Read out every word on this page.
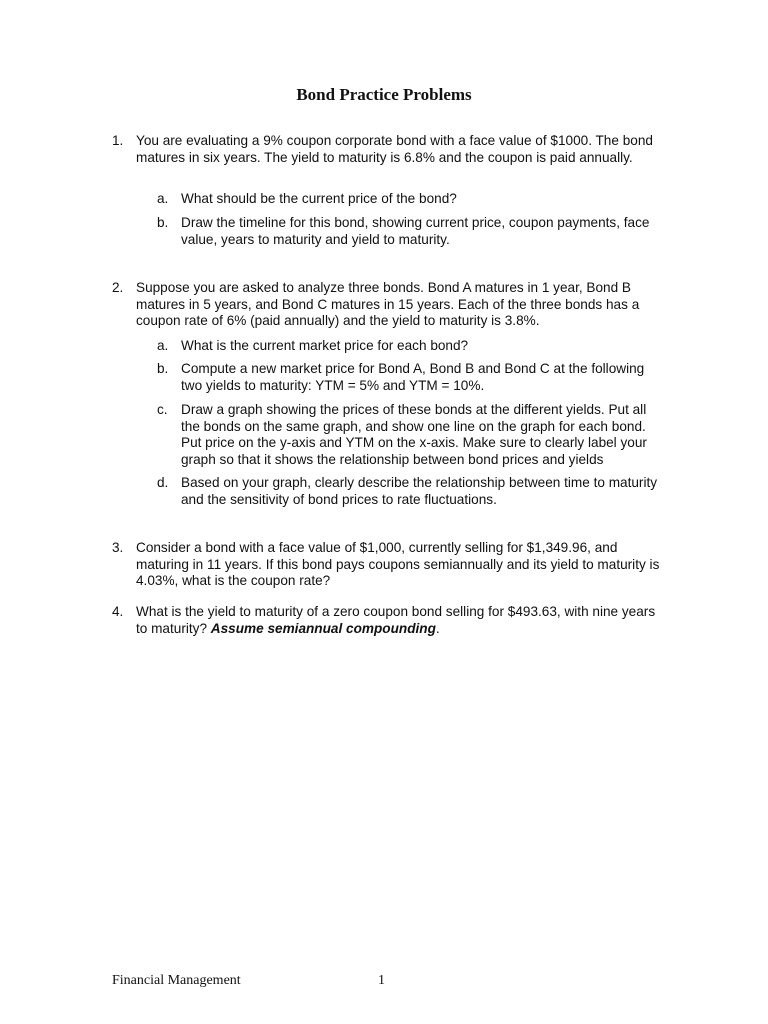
Bond Practice Problems
1. You are evaluating a 9% coupon corporate bond with a face value of $1000. The bond matures in six years. The yield to maturity is 6.8% and the coupon is paid annually.
a. What should be the current price of the bond?
b. Draw the timeline for this bond, showing current price, coupon payments, face value, years to maturity and yield to maturity.
2. Suppose you are asked to analyze three bonds. Bond A matures in 1 year, Bond B matures in 5 years, and Bond C matures in 15 years. Each of the three bonds has a coupon rate of 6% (paid annually) and the yield to maturity is 3.8%.
a. What is the current market price for each bond?
b. Compute a new market price for Bond A, Bond B and Bond C at the following two yields to maturity: YTM = 5% and YTM = 10%.
c. Draw a graph showing the prices of these bonds at the different yields. Put all the bonds on the same graph, and show one line on the graph for each bond. Put price on the y-axis and YTM on the x-axis. Make sure to clearly label your graph so that it shows the relationship between bond prices and yields
d. Based on your graph, clearly describe the relationship between time to maturity and the sensitivity of bond prices to rate fluctuations.
3. Consider a bond with a face value of $1,000, currently selling for $1,349.96, and maturing in 11 years. If this bond pays coupons semiannually and its yield to maturity is 4.03%, what is the coupon rate?
4. What is the yield to maturity of a zero coupon bond selling for $493.63, with nine years to maturity? Assume semiannual compounding.
Financial Management	1
